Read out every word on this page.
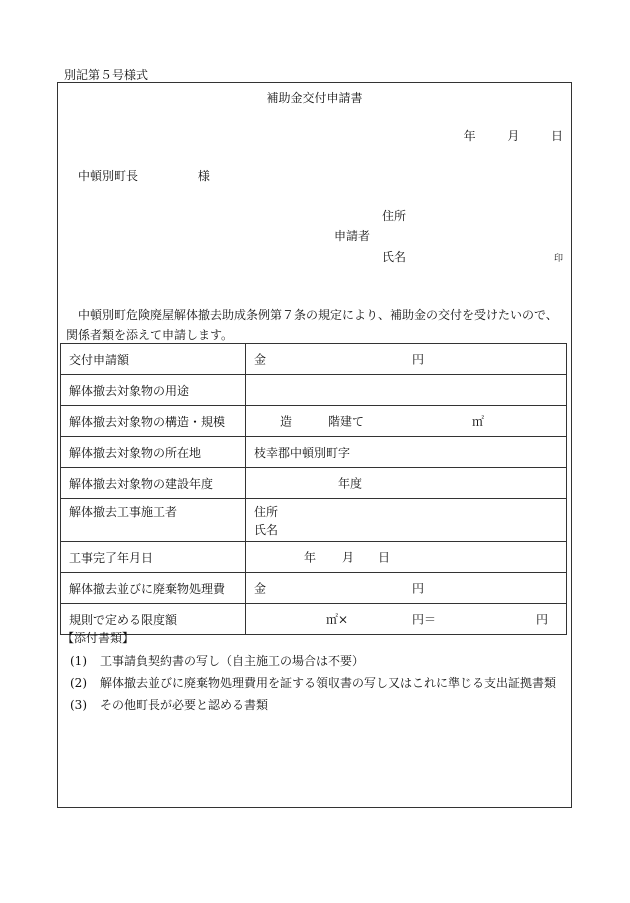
別記第５号様式
補助金交付申請書
年	月	日
中頓別町長	様
住所
申請者
氏名	印
中頓別町危険廃屋解体撤去助成条例第７条の規定により、補助金の交付を受けたいので、関係者類を添えて申請します。
交付申請額	金 円

解体撤去対象物の用途	
解体撤去対象物の構造・規模	造 階建て ㎡

解体撤去対象物の所在地	枝幸郡中頓別町字
解体撤去対象物の建設年度	年度

解体撤去工事施工者	住所
氏名

工事完了年月日	年 月 日

解体撤去並びに廃棄物処理費	金 円

規則で定める限度額	㎡× 円＝ 円
【添付書類】
(1)	工事請負契約書の写し（自主施工の場合は不要）
(2)	解体撤去並びに廃棄物処理費用を証する領収書の写し又はこれに準じる支出証拠書類
(3)	その他町長が必要と認める書類
